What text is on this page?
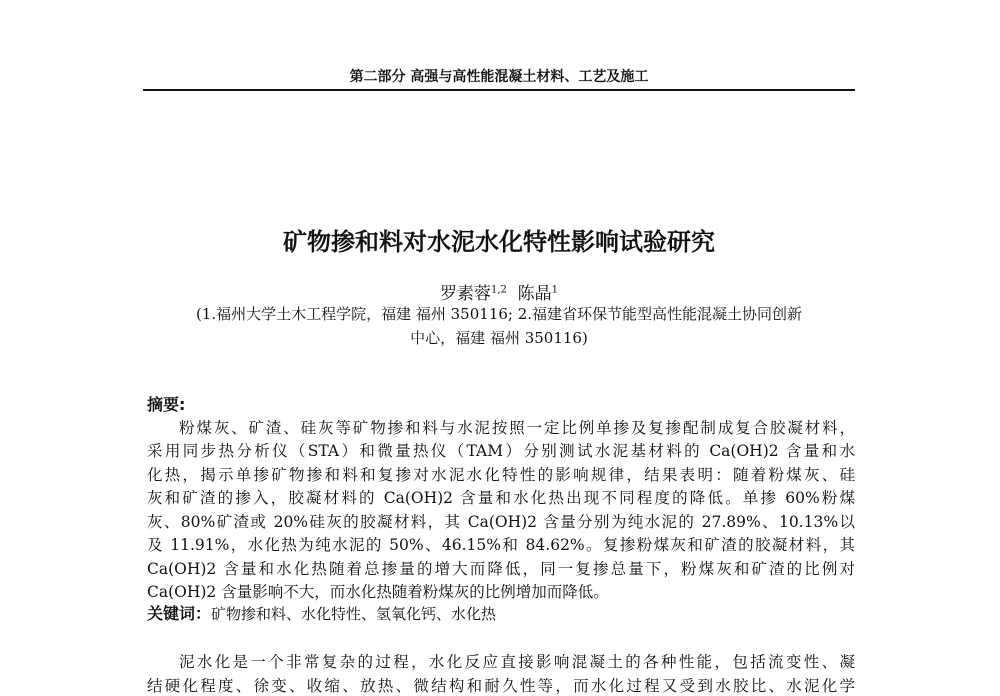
第二部分 高强与高性能混凝土材料、工艺及施工
矿物掺和料对水泥水化特性影响试验研究
罗素蓉$^{1,2}$ 陈晶$^1$
(1.福州大学土木工程学院，福建 福州 350116; 2.福建省环保节能型高性能混凝土协同创新
中心，福建 福州 350116)
摘要:
粉煤灰、矿渣、硅灰等矿物掺和料与水泥按照一定比例单掺及复掺配制成复合胶凝材料，
采用同步热分析仪（STA）和微量热仪（TAM）分别测试水泥基材料的 Ca(OH)2 含量和水
化热，揭示单掺矿物掺和料和复掺对水泥水化特性的影响规律，结果表明：随着粉煤灰、硅
灰和矿渣的掺入，胶凝材料的 Ca(OH)2 含量和水化热出现不同程度的降低。单掺 60%粉煤
灰、80%矿渣或 20%硅灰的胶凝材料，其 Ca(OH)2 含量分别为纯水泥的 27.89%、10.13%以
及 11.91%，水化热为纯水泥的 50%、46.15%和 84.62%。复掺粉煤灰和矿渣的胶凝材料，其
Ca(OH)2 含量和水化热随着总掺量的增大而降低，同一复掺总量下，粉煤灰和矿渣的比例对
Ca(OH)2 含量影响不大，而水化热随着粉煤灰的比例增加而降低。
关键词：矿物掺和料、水化特性、氢氧化钙、水化热
泥水化是一个非常复杂的过程，水化反应直接影响混凝土的各种性能，包括流变性、凝
结硬化程度、徐变、收缩、放热、微结构和耐久性等，而水化过程又受到水胶比、水泥化学
